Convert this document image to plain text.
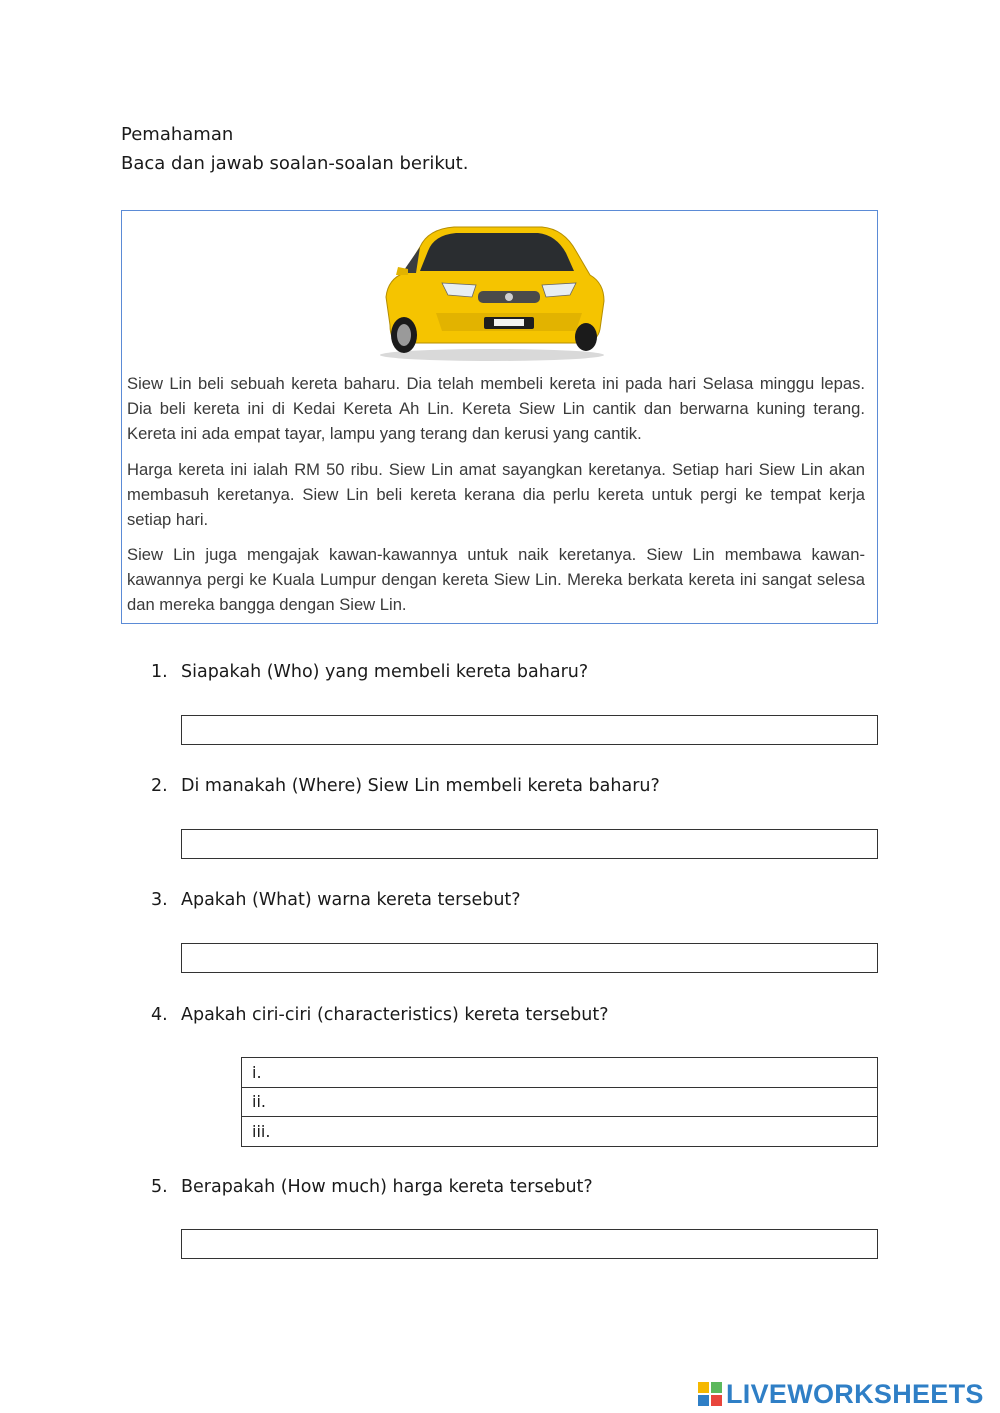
Pemahaman
Baca dan jawab soalan-soalan berikut.

Siew Lin beli sebuah kereta baharu. Dia telah membeli kereta ini pada hari Selasa minggu lepas. Dia beli kereta ini di Kedai Kereta Ah Lin. Kereta Siew Lin cantik dan berwarna kuning terang. Kereta ini ada empat tayar, lampu yang terang dan kerusi yang cantik.

Harga kereta ini ialah RM 50 ribu. Siew Lin amat sayangkan keretanya. Setiap hari Siew Lin akan membasuh keretanya. Siew Lin beli kereta kerana dia perlu kereta untuk pergi ke tempat kerja setiap hari.

Siew Lin juga mengajak kawan-kawannya untuk naik keretanya. Siew Lin membawa kawan-kawannya pergi ke Kuala Lumpur dengan kereta Siew Lin. Mereka berkata kereta ini sangat selesa dan mereka bangga dengan Siew Lin.

1. Siapakah (Who) yang membeli kereta baharu?
2. Di manakah (Where) Siew Lin membeli kereta baharu?
3. Apakah (What) warna kereta tersebut?
4. Apakah ciri-ciri (characteristics) kereta tersebut?
i.
ii.
iii.
5. Berapakah (How much) harga kereta tersebut?
LIVEWORKSHEETS
